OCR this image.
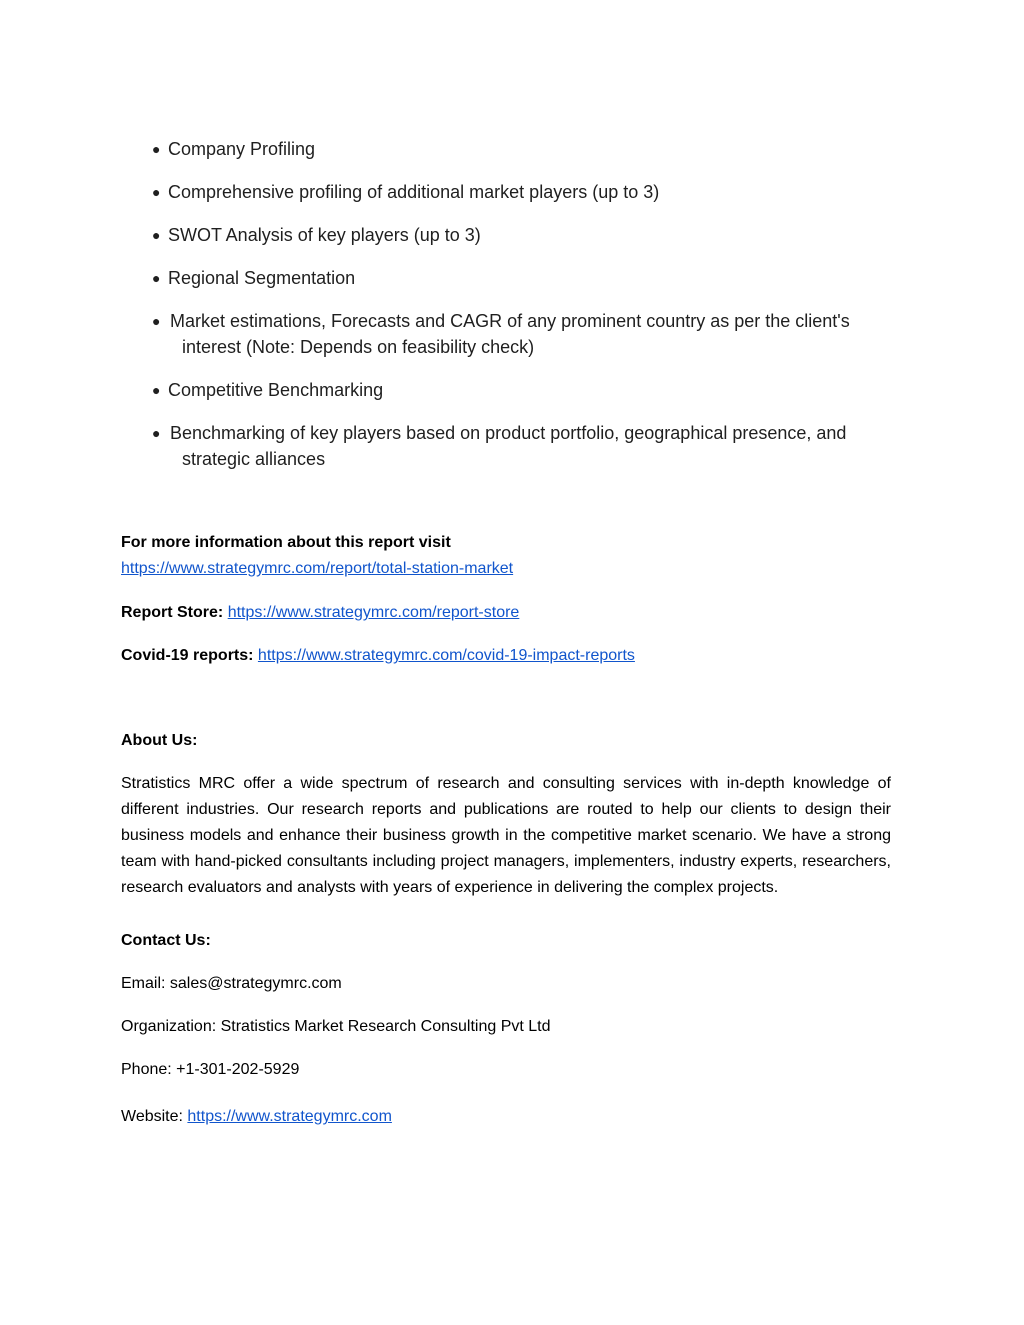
● Company Profiling
● Comprehensive profiling of additional market players (up to 3)
● SWOT Analysis of key players (up to 3)
● Regional Segmentation
● Market estimations, Forecasts and CAGR of any prominent country as per the client's
interest (Note: Depends on feasibility check)
● Competitive Benchmarking
● Benchmarking of key players based on product portfolio, geographical presence, and
strategic alliances
For more information about this report visit
https://www.strategymrc.com/report/total-station-market
Report Store: https://www.strategymrc.com/report-store
Covid-19 reports: https://www.strategymrc.com/covid-19-impact-reports
About Us:
Stratistics MRC offer a wide spectrum of research and consulting services with in-depth knowledge of different industries. Our research reports and publications are routed to help our clients to design their business models and enhance their business growth in the competitive market scenario. We have a strong team with hand-picked consultants including project managers, implementers, industry experts, researchers, research evaluators and analysts with years of experience in delivering the complex projects.
Contact Us:
Email: sales@strategymrc.com
Organization: Stratistics Market Research Consulting Pvt Ltd
Phone: +1-301-202-5929
Website: https://www.strategymrc.com
